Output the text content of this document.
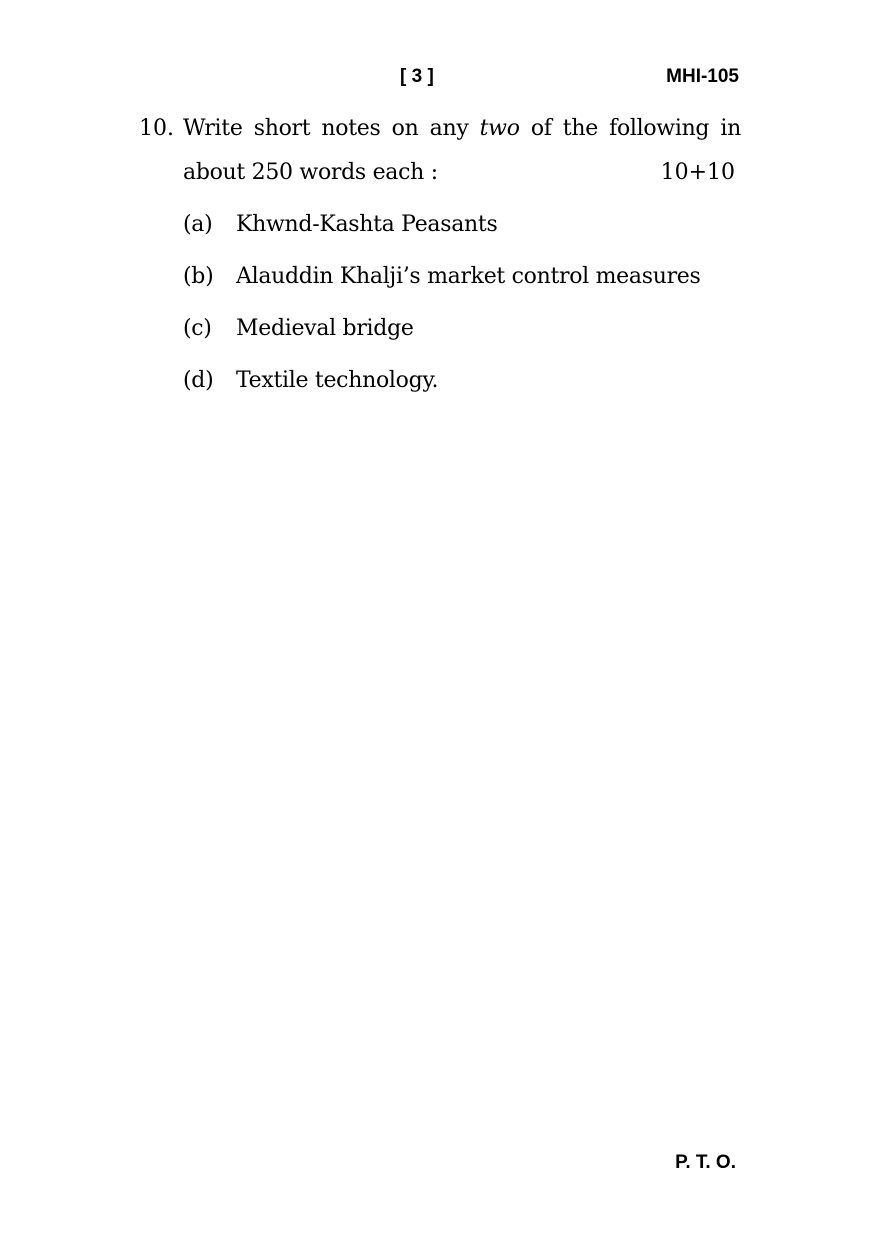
[ 3 ]	MHI-105
10. Write short notes on any two of the following in
about 250 words each :	10+10
(a) Khwnd-Kashta Peasants
(b) Alauddin Khalji’s market control measures
(c) Medieval bridge
(d) Textile technology.
P. T. O.
